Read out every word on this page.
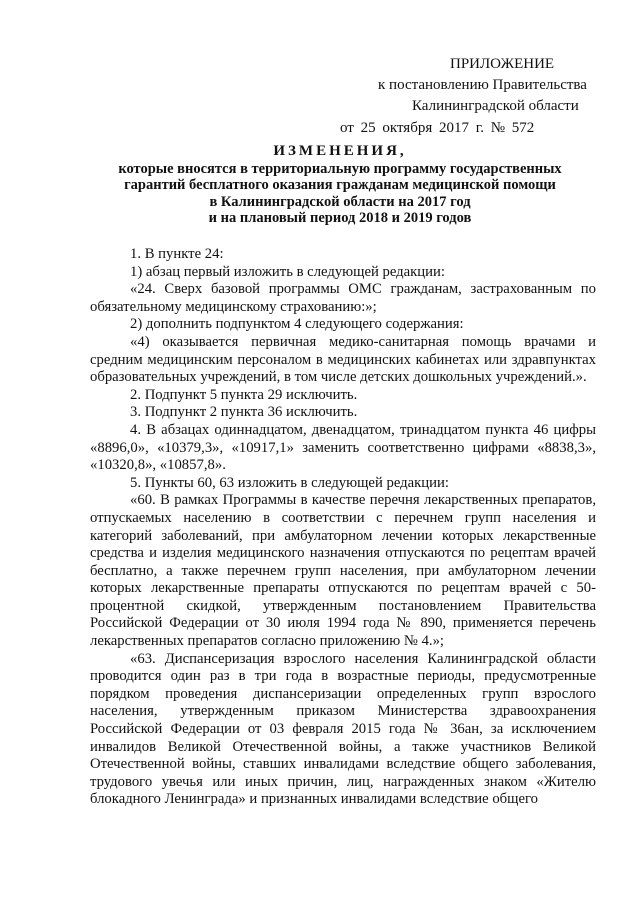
ПРИЛОЖЕНИЕ
к постановлению Правительства
Калининградской области
от 25 октября 2017 г. № 572
ИЗМЕНЕНИЯ,
которые вносятся в территориальную программу государственных
гарантий бесплатного оказания гражданам медицинской помощи
в Калининградской области на 2017 год
и на плановый период 2018 и 2019 годов

1. В пункте 24:

1) абзац первый изложить в следующей редакции:

«24. Сверх базовой программы ОМС гражданам, застрахованным по обязательному медицинскому страхованию:»;

2) дополнить подпунктом 4 следующего содержания:

«4) оказывается первичная медико-санитарная помощь врачами и средним медицинским персоналом в медицинских кабинетах или здравпунктах образовательных учреждений, в том числе детских дошкольных учреждений.».

2. Подпункт 5 пункта 29 исключить.

3. Подпункт 2 пункта 36 исключить.

4. В абзацах одиннадцатом, двенадцатом, тринадцатом пункта 46 цифры «8896,0», «10379,3», «10917,1» заменить соответственно цифрами «8838,3», «10320,8», «10857,8».

5. Пункты 60, 63 изложить в следующей редакции:

«60. В рамках Программы в качестве перечня лекарственных препаратов, отпускаемых населению в соответствии с перечнем групп населения и категорий заболеваний, при амбулаторном лечении которых лекарственные средства и изделия медицинского назначения отпускаются по рецептам врачей бесплатно, а также перечнем групп населения, при амбулаторном лечении которых лекарственные препараты отпускаются по рецептам врачей с 50-процентной скидкой, утвержденным постановлением Правительства Российской Федерации от 30 июля 1994 года № 890, применяется перечень лекарственных препаратов согласно приложению № 4.»;

«63. Диспансеризация взрослого населения Калининградской области проводится один раз в три года в возрастные периоды, предусмотренные порядком проведения диспансеризации определенных групп взрослого населения, утвержденным приказом Министерства здравоохранения Российской Федерации от 03 февраля 2015 года № 36ан, за исключением инвалидов Великой Отечественной войны, а также участников Великой Отечественной войны, ставших инвалидами вследствие общего заболевания, трудового увечья или иных причин, лиц, награжденных знаком «Жителю блокадного Ленинграда» и признанных инвалидами вследствие общего
